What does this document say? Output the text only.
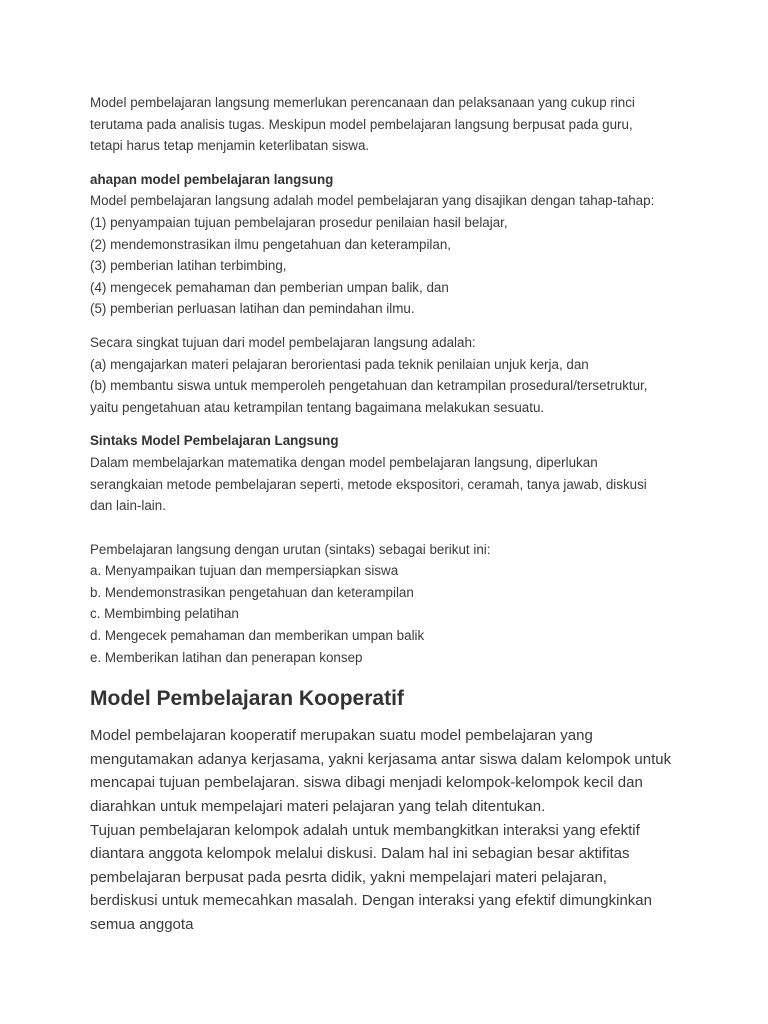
Model pembelajaran langsung memerlukan perencanaan dan pelaksanaan yang cukup rinci
terutama pada analisis tugas. Meskipun model pembelajaran langsung berpusat pada guru,
tetapi harus tetap menjamin keterlibatan siswa.
ahapan model pembelajaran langsung
Model pembelajaran langsung adalah model pembelajaran yang disajikan dengan tahap-tahap:
(1) penyampaian tujuan pembelajaran prosedur penilaian hasil belajar,
(2) mendemonstrasikan ilmu pengetahuan dan keterampilan,
(3) pemberian latihan terbimbing,
(4) mengecek pemahaman dan pemberian umpan balik, dan
(5) pemberian perluasan latihan dan pemindahan ilmu.
Secara singkat tujuan dari model pembelajaran langsung adalah:
(a) mengajarkan materi pelajaran berorientasi pada teknik penilaian unjuk kerja, dan
(b) membantu siswa untuk memperoleh pengetahuan dan ketrampilan prosedural/tersetruktur,
yaitu pengetahuan atau ketrampilan tentang bagaimana melakukan sesuatu.
Sintaks Model Pembelajaran Langsung
Dalam membelajarkan matematika dengan model pembelajaran langsung, diperlukan
serangkaian metode pembelajaran seperti, metode ekspositori, ceramah, tanya jawab, diskusi
dan lain-lain.
Pembelajaran langsung dengan urutan (sintaks) sebagai berikut ini:
a. Menyampaikan tujuan dan mempersiapkan siswa
b. Mendemonstrasikan pengetahuan dan keterampilan
c. Membimbing pelatihan
d. Mengecek pemahaman dan memberikan umpan balik
e. Memberikan latihan dan penerapan konsep
Model Pembelajaran Kooperatif
Model pembelajaran kooperatif merupakan suatu model pembelajaran yang
mengutamakan adanya kerjasama, yakni kerjasama antar siswa dalam kelompok untuk
mencapai tujuan pembelajaran. siswa dibagi menjadi kelompok-kelompok kecil dan
diarahkan untuk mempelajari materi pelajaran yang telah ditentukan.
Tujuan pembelajaran kelompok adalah untuk membangkitkan interaksi yang efektif
diantara anggota kelompok melalui diskusi. Dalam hal ini sebagian besar aktifitas
pembelajaran berpusat pada pesrta didik, yakni mempelajari materi pelajaran,
berdiskusi untuk memecahkan masalah. Dengan interaksi yang efektif dimungkinkan
semua anggota
